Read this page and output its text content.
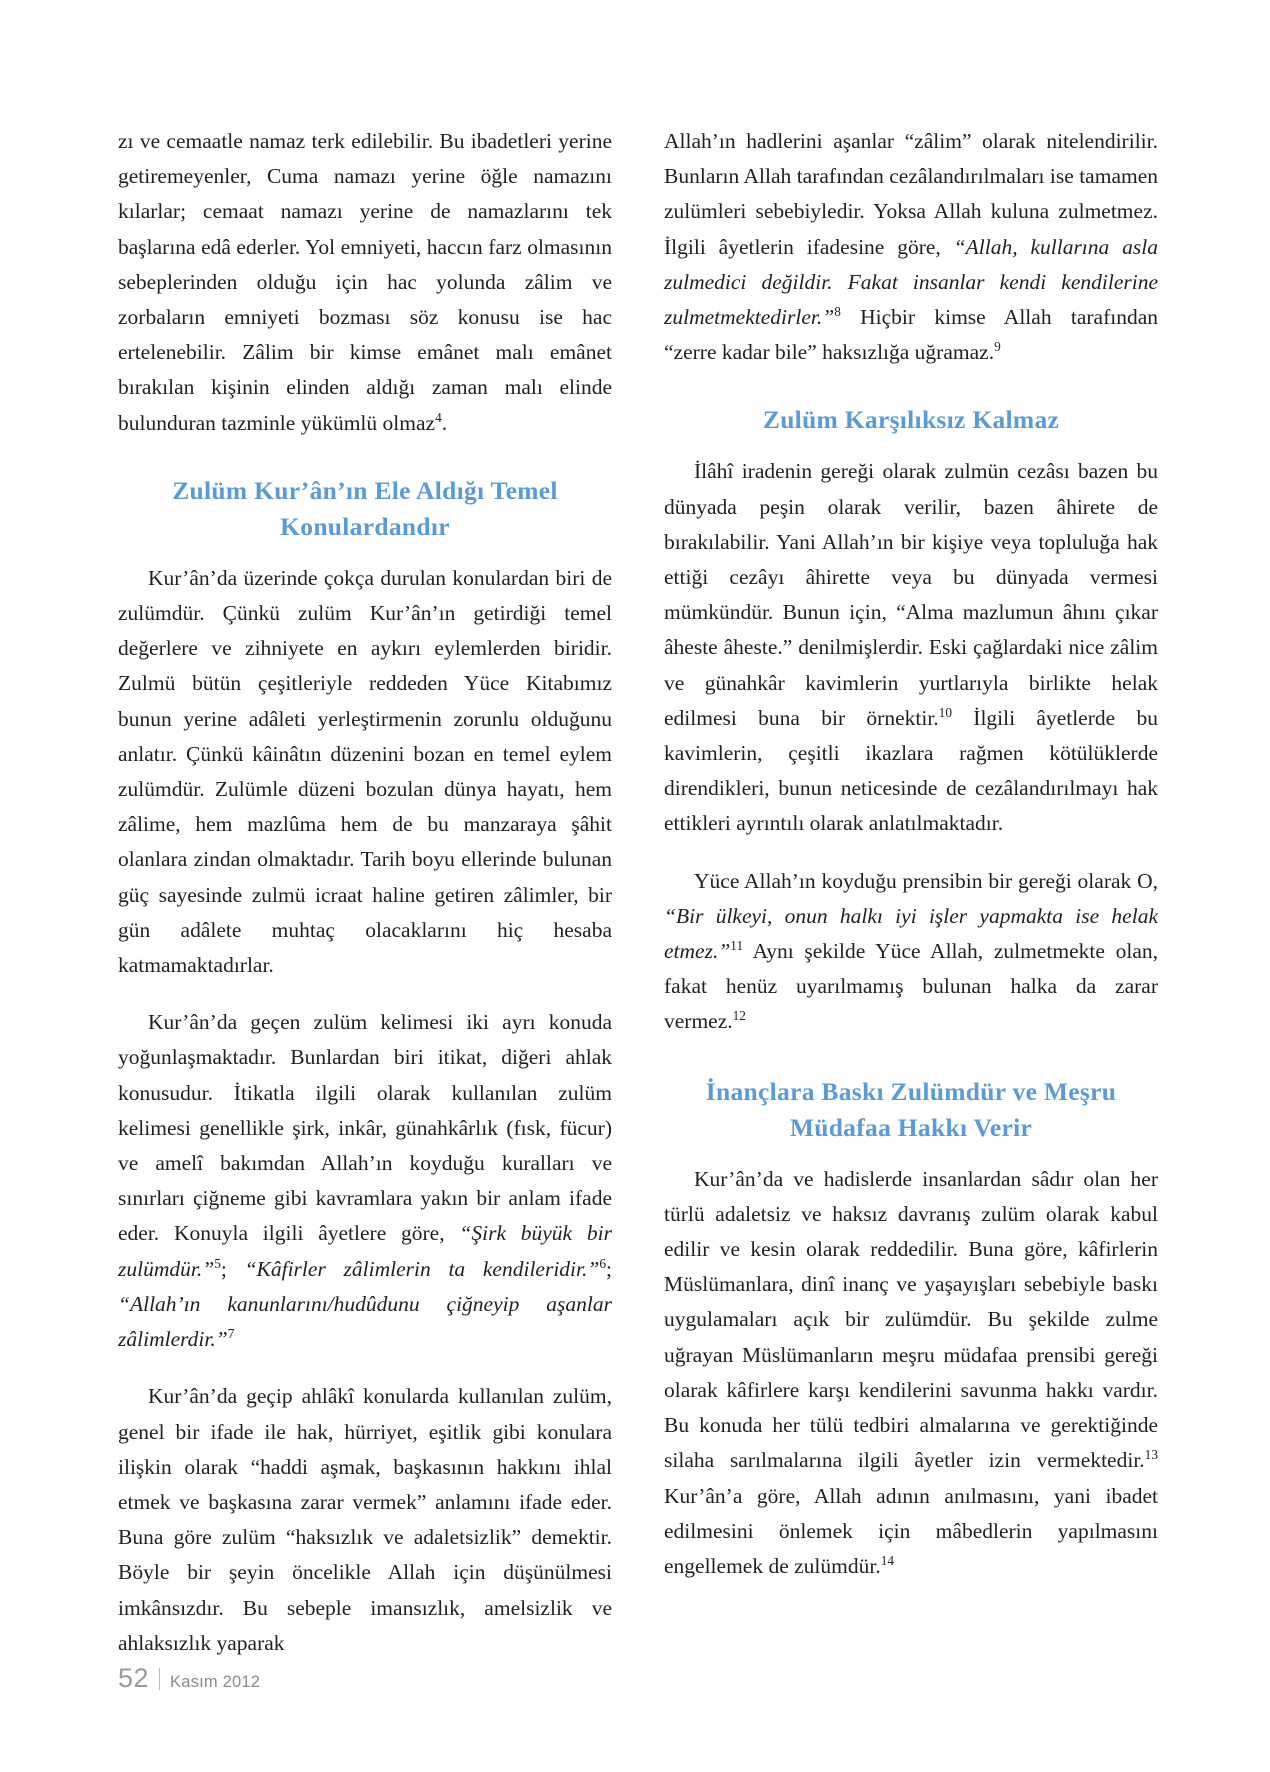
zı ve cemaatle namaz terk edilebilir. Bu ibadetleri yerine getiremeyenler, Cuma namazı yerine öğle namazını kılarlar; cemaat namazı yerine de namazlarını tek başlarına edâ ederler. Yol emniyeti, haccın farz olmasının sebeplerinden olduğu için hac yolunda zâlim ve zorbaların emniyeti bozması söz konusu ise hac ertelenebilir. Zâlim bir kimse emânet malı emânet bırakılan kişinin elinden aldığı zaman malı elinde bulunduran tazminle yükümlü olmaz$^4$.

Zulüm Kur’ân’ın Ele Aldığı Temel Konulardandır

Kur’ân’da üzerinde çokça durulan konulardan biri de zulümdür. Çünkü zulüm Kur’ân’ın getirdiği temel değerlere ve zihniyete en aykırı eylemlerden biridir. Zulmü bütün çeşitleriyle reddeden Yüce Kitabımız bunun yerine adâleti yerleştirmenin zorunlu olduğunu anlatır. Çünkü kâinâtın düzenini bozan en temel eylem zulümdür. Zulümle düzeni bozulan dünya hayatı, hem zâlime, hem mazlûma hem de bu manzaraya şâhit olanlara zindan olmaktadır. Tarih boyu ellerinde bulunan güç sayesinde zulmü icraat haline getiren zâlimler, bir gün adâlete muhtaç olacaklarını hiç hesaba katmamaktadırlar.

Kur’ân’da geçen zulüm kelimesi iki ayrı konuda yoğunlaşmaktadır. Bunlardan biri itikat, diğeri ahlak konusudur. İtikatla ilgili olarak kullanılan zulüm kelimesi genellikle şirk, inkâr, günahkârlık (fısk, fücur) ve amelî bakımdan Allah’ın koyduğu kuralları ve sınırları çiğneme gibi kavramlara yakın bir anlam ifade eder. Konuyla ilgili âyetlere göre, “Şirk büyük bir zulümdür.”$^5$; “Kâfirler zâlimlerin ta kendileridir.”$^6$; “Allah’ın kanunlarını/hudûdunu çiğneyip aşanlar zâlimlerdir.”$^7$

Kur’ân’da geçip ahlâkî konularda kullanılan zulüm, genel bir ifade ile hak, hürriyet, eşitlik gibi konulara ilişkin olarak “haddi aşmak, başkasının hakkını ihlal etmek ve başkasına zarar vermek” anlamını ifade eder. Buna göre zulüm “haksızlık ve adaletsizlik” demektir. Böyle bir şeyin öncelikle Allah için düşünülmesi imkânsızdır. Bu sebeple imansızlık, amelsizlik ve ahlaksızlık yaparak

Allah’ın hadlerini aşanlar “zâlim” olarak nitelendirilir. Bunların Allah tarafından cezâlandırılmaları ise tamamen zulümleri sebebiyledir. Yoksa Allah kuluna zulmetmez. İlgili âyetlerin ifadesine göre, “Allah, kullarına asla zulmedici değildir. Fakat insanlar kendi kendilerine zulmetmektedirler.”$^8$ Hiçbir kimse Allah tarafından “zerre kadar bile” haksızlığa uğramaz.$^9$

Zulüm Karşılıksız Kalmaz

İlâhî iradenin gereği olarak zulmün cezâsı bazen bu dünyada peşin olarak verilir, bazen âhirete de bırakılabilir. Yani Allah’ın bir kişiye veya topluluğa hak ettiği cezâyı âhirette veya bu dünyada vermesi mümkündür. Bunun için, “Alma mazlumun âhını çıkar âheste âheste.” denilmişlerdir. Eski çağlardaki nice zâlim ve günahkâr kavimlerin yurtlarıyla birlikte helak edilmesi buna bir örnektir.$^{10}$ İlgili âyetlerde bu kavimlerin, çeşitli ikazlara rağmen kötülüklerde direndikleri, bunun neticesinde de cezâlandırılmayı hak ettikleri ayrıntılı olarak anlatılmaktadır.

Yüce Allah’ın koyduğu prensibin bir gereği olarak O, “Bir ülkeyi, onun halkı iyi işler yapmakta ise helak etmez.”$^{11}$ Aynı şekilde Yüce Allah, zulmetmekte olan, fakat henüz uyarılmamış bulunan halka da zarar vermez.$^{12}$

İnançlara Baskı Zulümdür ve Meşru Müdafaa Hakkı Verir

Kur’ân’da ve hadislerde insanlardan sâdır olan her türlü adaletsiz ve haksız davranış zulüm olarak kabul edilir ve kesin olarak reddedilir. Buna göre, kâfirlerin Müslümanlara, dinî inanç ve yaşayışları sebebiyle baskı uygulamaları açık bir zulümdür. Bu şekilde zulme uğrayan Müslümanların meşru müdafaa prensibi gereği olarak kâfirlere karşı kendilerini savunma hakkı vardır. Bu konuda her tülü tedbiri almalarına ve gerektiğinde silaha sarılmalarına ilgili âyetler izin vermektedir.$^{13}$ Kur’ân’a göre, Allah adının anılmasını, yani ibadet edilmesini önlemek için mâbedlerin yapılmasını engellemek de zulümdür.$^{14}$

52 Kasım 2012
